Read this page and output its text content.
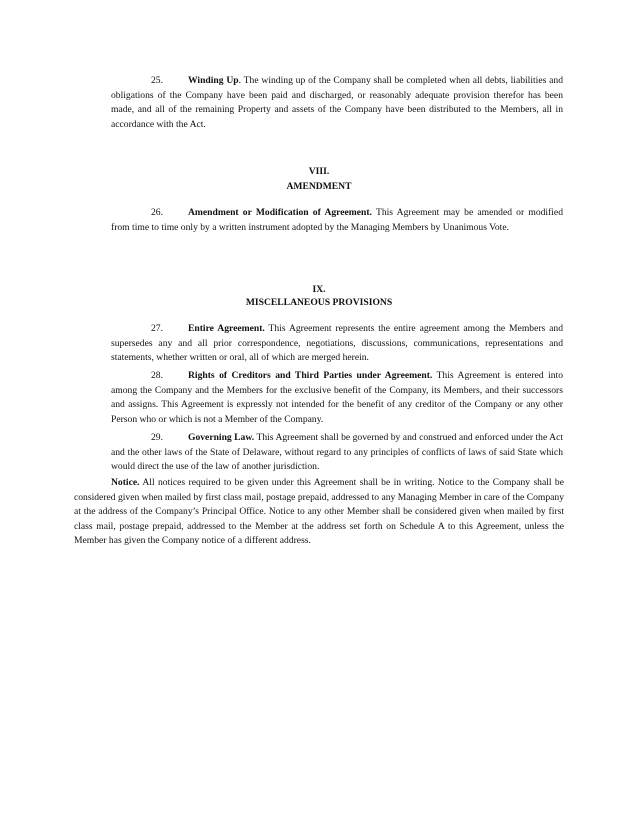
25.	Winding Up. The winding up of the Company shall be completed when all debts, liabilities and obligations of the Company have been paid and discharged, or reasonably adequate provision therefor has been made, and all of the remaining Property and assets of the Company have been distributed to the Members, all in accordance with the Act.

VIII.
AMENDMENT

26.	Amendment or Modification of Agreement. This Agreement may be amended or modified from time to time only by a written instrument adopted by the Managing Members by Unanimous Vote.

IX.
MISCELLANEOUS PROVISIONS

27.	Entire Agreement. This Agreement represents the entire agreement among the Members and supersedes any and all prior correspondence, negotiations, discussions, communications, representations and statements, whether written or oral, all of which are merged herein.

28.	Rights of Creditors and Third Parties under Agreement. This Agreement is entered into among the Company and the Members for the exclusive benefit of the Company, its Members, and their successors and assigns. This Agreement is expressly not intended for the benefit of any creditor of the Company or any other Person who or which is not a Member of the Company.

29.	Governing Law. This Agreement shall be governed by and construed and enforced under the Act and the other laws of the State of Delaware, without regard to any principles of conflicts of laws of said State which would direct the use of the law of another jurisdiction.

Notice. All notices required to be given under this Agreement shall be in writing. Notice to the Company shall be considered given when mailed by first class mail, postage prepaid, addressed to any Managing Member in care of the Company at the address of the Company’s Principal Office. Notice to any other Member shall be considered given when mailed by first class mail, postage prepaid, addressed to the Member at the address set forth on Schedule A to this Agreement, unless the Member has given the Company notice of a different address.
